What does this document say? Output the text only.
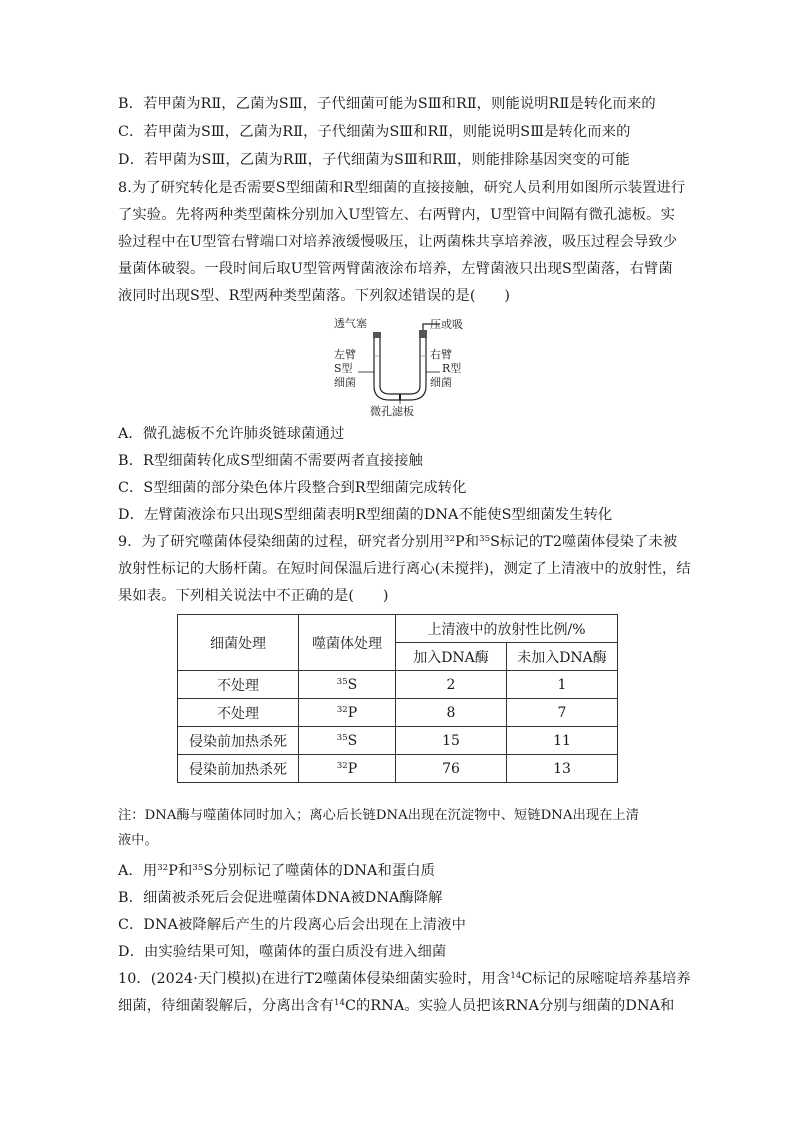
B．若甲菌为RⅡ，乙菌为SⅢ，子代细菌可能为SⅢ和RⅡ，则能说明RⅡ是转化而来的
C．若甲菌为SⅢ，乙菌为RⅡ，子代细菌为SⅢ和RⅡ，则能说明SⅢ是转化而来的
D．若甲菌为SⅢ，乙菌为RⅢ，子代细菌为SⅢ和RⅢ，则能排除基因突变的可能
8.为了研究转化是否需要S型细菌和R型细菌的直接接触，研究人员利用如图所示装置进行
了实验。先将两种类型菌株分别加入U型管左、右两臂内，U型管中间隔有微孔滤板。实
验过程中在U型管右臂端口对培养液缓慢吸压，让两菌株共享培养液，吸压过程会导致少
量菌体破裂。一段时间后取U型管两臂菌液涂布培养，左臂菌液只出现S型菌落，右臂菌
液同时出现S型、R型两种类型菌落。下列叙述错误的是(　　)
透气塞	压或吸
左臂
S型
细菌
右臂
R型
细菌
微孔滤板
A．微孔滤板不允许肺炎链球菌通过
B．R型细菌转化成S型细菌不需要两者直接接触
C．S型细菌的部分染色体片段整合到R型细菌完成转化
D．左臂菌液涂布只出现S型细菌表明R型细菌的DNA不能使S型细菌发生转化
9．为了研究噬菌体侵染细菌的过程，研究者分别用$^{32}$P和$^{35}$S标记的T2噬菌体侵染了未被
放射性标记的大肠杆菌。在短时间保温后进行离心(未搅拌)，测定了上清液中的放射性，结
果如表。下列相关说法中不正确的是(　　)
细菌处理	噬菌体处理	上清液中的放射性比例/%	
		加入DNA酶	未加入DNA酶
不处理	$^{35}$S	2	1
不处理	$^{32}$P	8	7
侵染前加热杀死	$^{35}$S	15	11
侵染前加热杀死	$^{32}$P	76	13
注：DNA酶与噬菌体同时加入；离心后长链DNA出现在沉淀物中、短链DNA出现在上清
液中。
A．用$^{32}$P和$^{35}$S分别标记了噬菌体的DNA和蛋白质
B．细菌被杀死后会促进噬菌体DNA被DNA酶降解
C．DNA被降解后产生的片段离心后会出现在上清液中
D．由实验结果可知，噬菌体的蛋白质没有进入细菌
10．(2024·天门模拟)在进行T2噬菌体侵染细菌实验时，用含$^{14}$C标记的尿嘧啶培养基培养
细菌，待细菌裂解后，分离出含有$^{14}$C的RNA。实验人员把该RNA分别与细菌的DNA和
